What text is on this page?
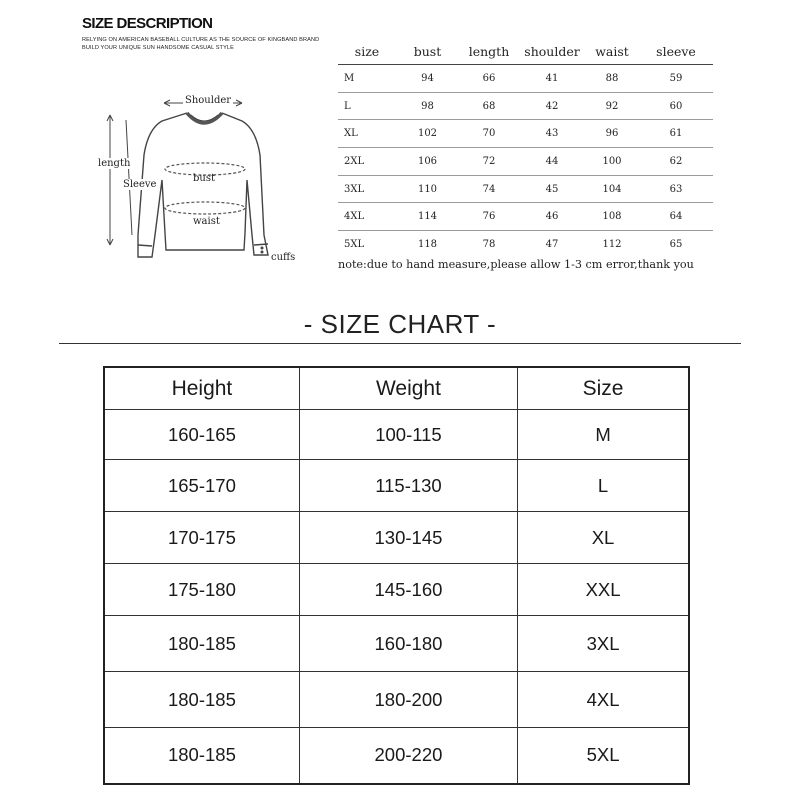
SIZE DESCRIPTION
RELYING ON AMERICAN BASEBALL CULTURE AS THE SOURCE OF KINGBAND BRAND
BUILD YOUR UNIQUE SUN HANDSOME CASUAL STYLE
Shoulder
length
Sleeve
bust
waist
cuffs
size	bust	length	shoulder	waist	sleeve
M	94	66	41	88	59
L	98	68	42	92	60
XL	102	70	43	96	61
2XL	106	72	44	100	62
3XL	110	74	45	104	63
4XL	114	76	46	108	64
5XL	118	78	47	112	65
note:due to hand measure,please allow 1-3 cm error,thank you
- SIZE CHART -
Height	Weight	Size
160-165	100-115	M
165-170	115-130	L
170-175	130-145	XL
175-180	145-160	XXL
180-185	160-180	3XL
180-185	180-200	4XL
180-185	200-220	5XL
